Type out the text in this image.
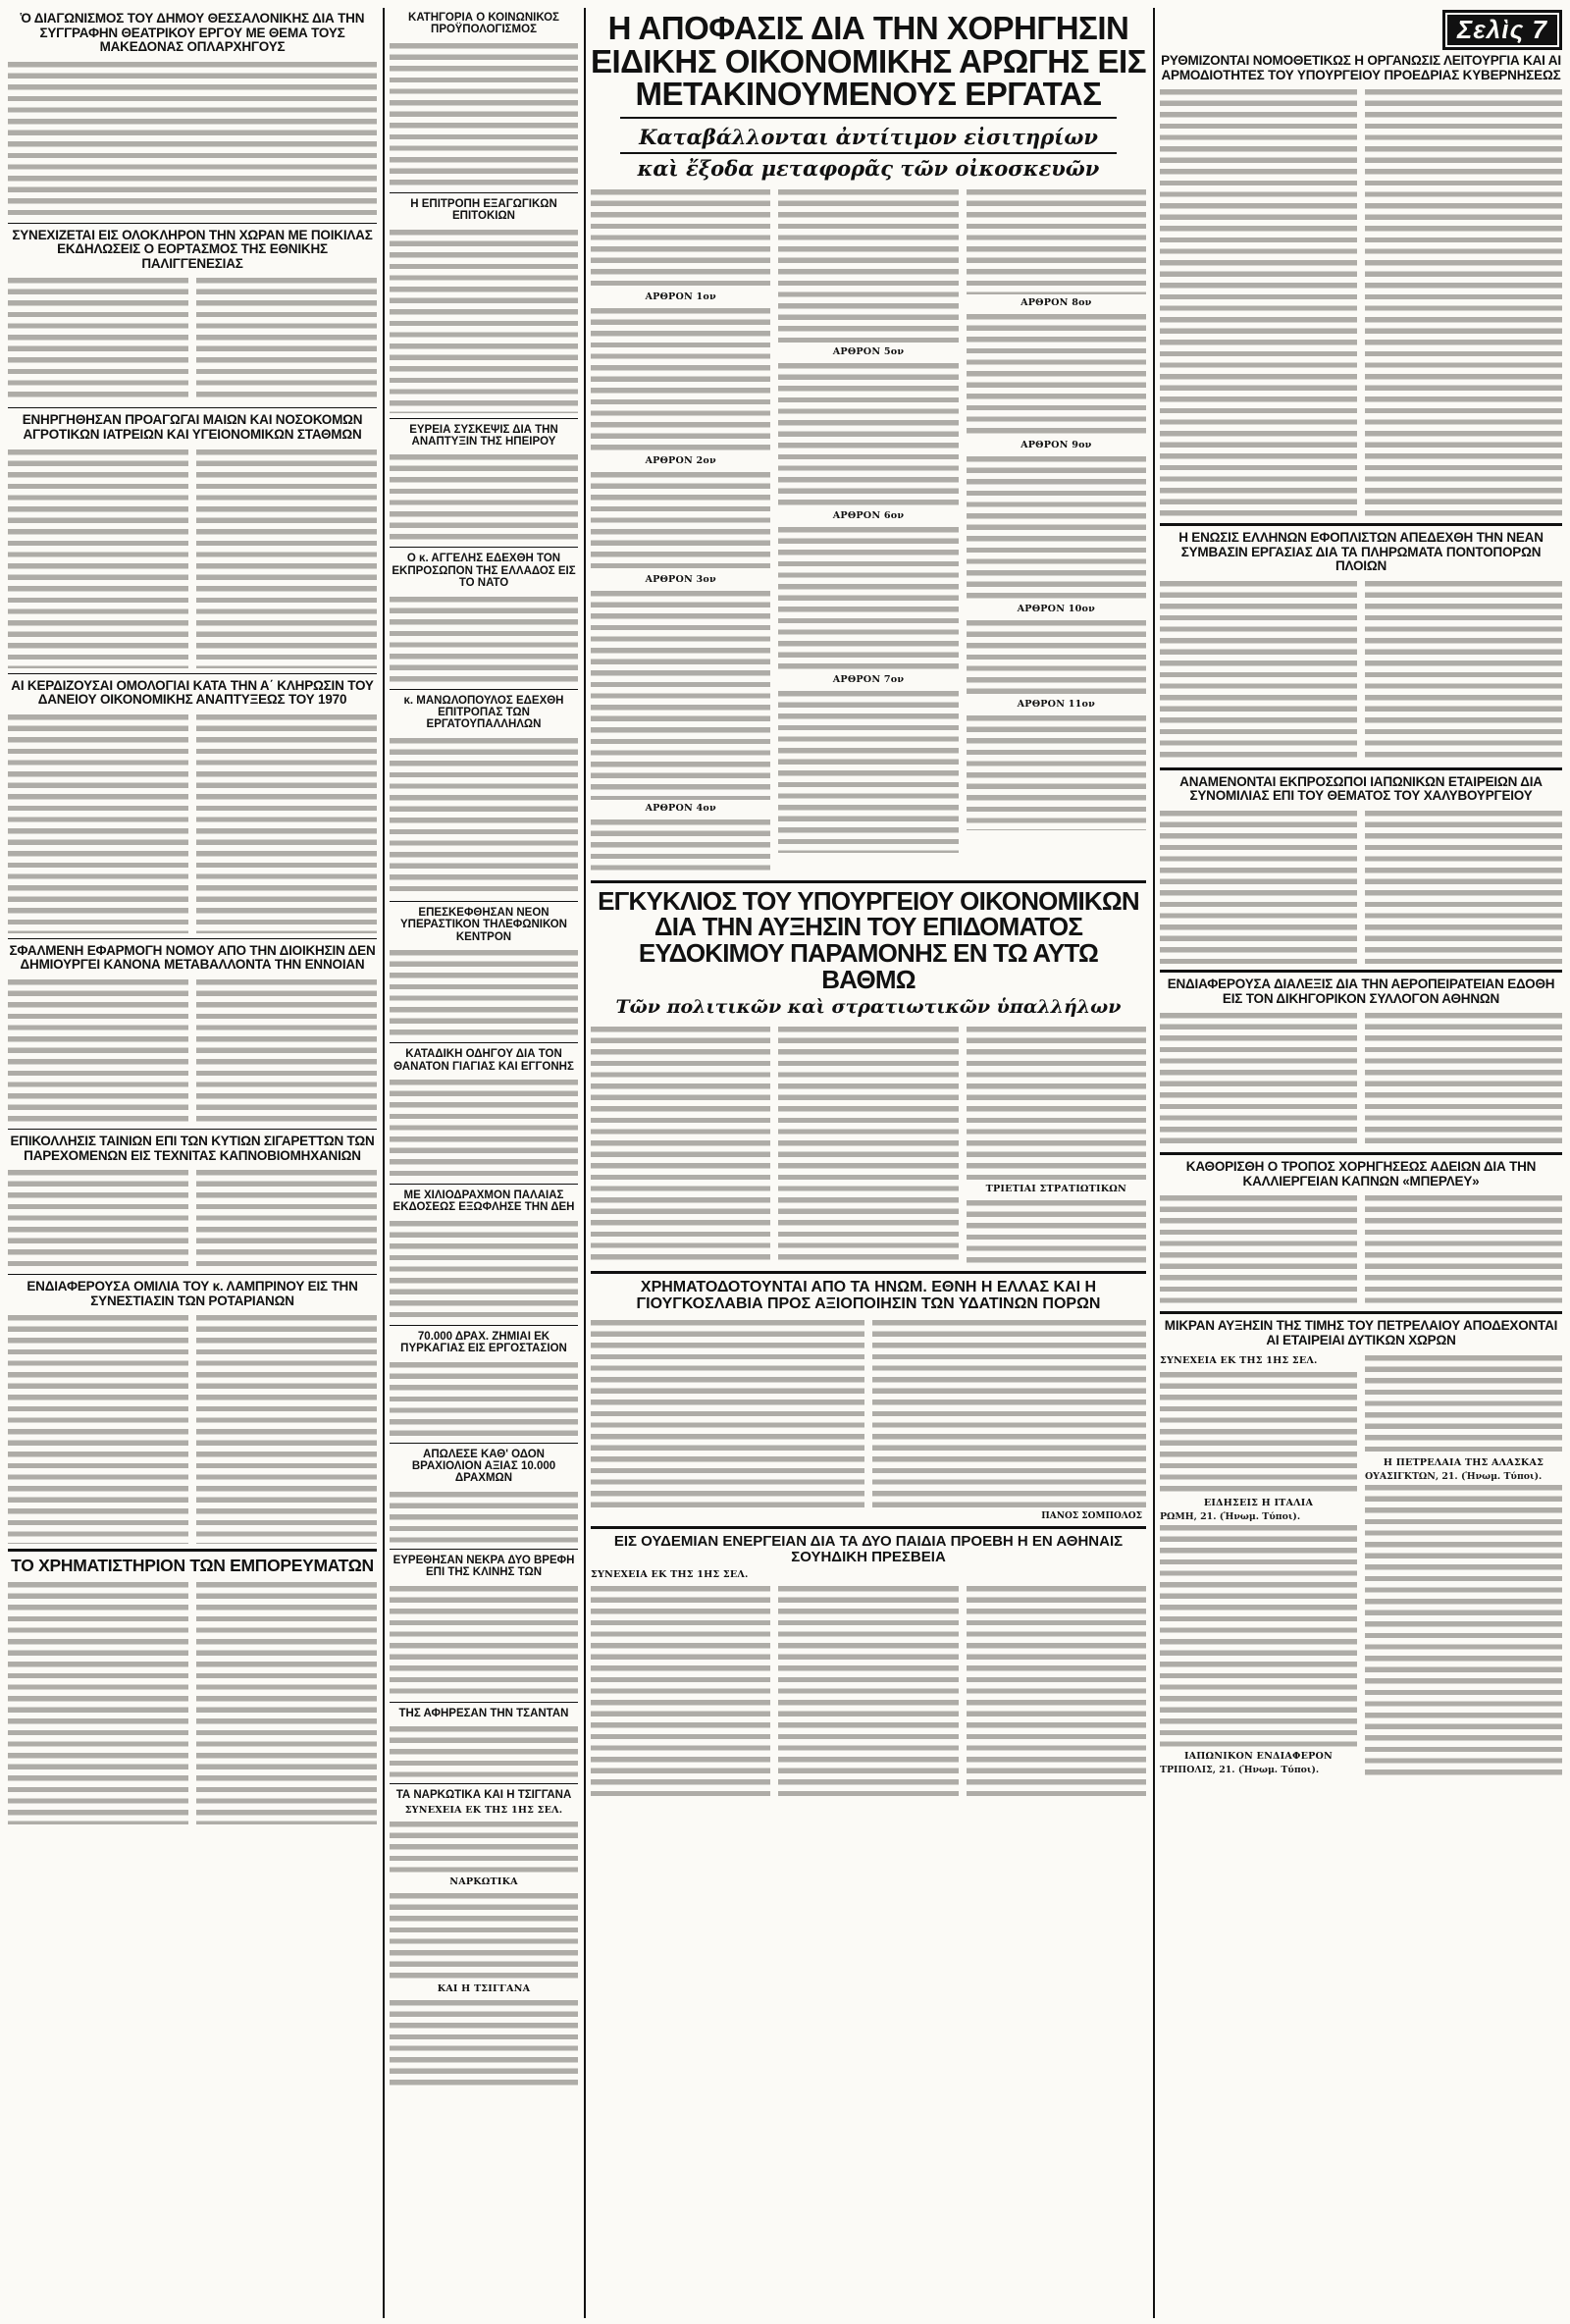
Ὁ ΔΙΑΓΩΝΙΣΜΟΣ ΤΟΥ ΔΗΜΟΥ ΘΕΣΣΑΛΟΝΙΚΗΣ ΔΙΑ ΤΗΝ ΣΥΓΓΡΑΦΗΝ ΘΕΑΤΡΙΚΟΥ ΕΡΓΟΥ ΜΕ ΘΕΜΑ ΤΟΥΣ ΜΑΚΕΔΟΝΑΣ ΟΠΛΑΡΧΗΓΟΥΣ
ΣΥΝΕΧΙΖΕΤΑΙ ΕΙΣ ΟΛΟΚΛΗΡΟΝ ΤΗΝ ΧΩΡΑΝ ΜΕ ΠΟΙΚΙΛΑΣ ΕΚΔΗΛΩΣΕΙΣ Ο ΕΟΡΤΑΣΜΟΣ ΤΗΣ ΕΘΝΙΚΗΣ ΠΑΛΙΓΓΕΝΕΣΙΑΣ
ΕΝΗΡΓΗΘΗΣΑΝ ΠΡΟΑΓΩΓΑΙ ΜΑΙΩΝ ΚΑΙ ΝΟΣΟΚΟΜΩΝ ΑΓΡΟΤΙΚΩΝ ΙΑΤΡΕΙΩΝ ΚΑΙ ΥΓΕΙΟΝΟΜΙΚΩΝ ΣΤΑΘΜΩΝ
ΑΙ ΚΕΡΔΙΖΟΥΣΑΙ ΟΜΟΛΟΓΙΑΙ ΚΑΤΑ ΤΗΝ Α΄ ΚΛΗΡΩΣΙΝ ΤΟΥ ΔΑΝΕΙΟΥ ΟΙΚΟΝΟΜΙΚΗΣ ΑΝΑΠΤΥΞΕΩΣ ΤΟΥ 1970
ΣΦΑΛΜΕΝΗ ΕΦΑΡΜΟΓΗ ΝΟΜΟΥ ΑΠΟ ΤΗΝ ΔΙΟΙΚΗΣΙΝ ΔΕΝ ΔΗΜΙΟΥΡΓΕΙ ΚΑΝΟΝΑ ΜΕΤΑΒΑΛΛΟΝΤΑ ΤΗΝ ΕΝΝΟΙΑΝ
ΕΠΙΚΟΛΛΗΣΙΣ ΤΑΙΝΙΩΝ ΕΠΙ ΤΩΝ ΚΥΤΙΩΝ ΣΙΓΑΡΕΤΤΩΝ ΤΩΝ ΠΑΡΕΧΟΜΕΝΩΝ ΕΙΣ ΤΕΧΝΙΤΑΣ ΚΑΠΝΟΒΙΟΜΗΧΑΝΙΩΝ
ΕΝΔΙΑΦΕΡΟΥΣΑ ΟΜΙΛΙΑ ΤΟΥ κ. ΛΑΜΠΡΙΝΟΥ ΕΙΣ ΤΗΝ ΣΥΝΕΣΤΙΑΣΙΝ ΤΩΝ ΡΟΤΑΡΙΑΝΩΝ
ΤΟ ΧΡΗΜΑΤΙΣΤΗΡΙΟΝ ΤΩΝ ΕΜΠΟΡΕΥΜΑΤΩΝ
ΚΑΤΗΓΟΡΙΑ Ο ΚΟΙΝΩΝΙΚΟΣ ΠΡΟΫΠΟΛΟΓΙΣΜΟΣ
Η ΕΠΙΤΡΟΠΗ ΕΞΑΓΩΓΙΚΩΝ ΕΠΙΤΟΚΙΩΝ
ΕΥΡΕΙΑ ΣΥΣΚΕΨΙΣ ΔΙΑ ΤΗΝ ΑΝΑΠΤΥΞΙΝ ΤΗΣ ΗΠΕΙΡΟΥ
Ο κ. ΑΓΓΕΛΗΣ ΕΔΕΧΘΗ ΤΟΝ ΕΚΠΡΟΣΩΠΟΝ ΤΗΣ ΕΛΛΑΔΟΣ ΕΙΣ ΤΟ ΝΑΤΟ
κ. ΜΑΝΩΛΟΠΟΥΛΟΣ ΕΔΕΧΘΗ ΕΠΙΤΡΟΠΑΣ ΤΩΝ ΕΡΓΑΤΟΥΠΑΛΛΗΛΩΝ
ΕΠΕΣΚΕΦΘΗΣΑΝ ΝΕΟΝ ΥΠΕΡΑΣΤΙΚΟΝ ΤΗΛΕΦΩΝΙΚΟΝ ΚΕΝΤΡΟΝ
ΚΑΤΑΔΙΚΗ ΟΔΗΓΟΥ ΔΙΑ ΤΟΝ ΘΑΝΑΤΟΝ ΓΙΑΓΙΑΣ ΚΑΙ ΕΓΓΟΝΗΣ
ΜΕ ΧΙΛΙΟΔΡΑΧΜΟΝ ΠΑΛΑΙΑΣ ΕΚΔΟΣΕΩΣ ΕΞΩΦΛΗΣΕ ΤΗΝ ΔΕΗ
70.000 ΔΡΑΧ. ΖΗΜΙΑΙ ΕΚ ΠΥΡΚΑΓΙΑΣ ΕΙΣ ΕΡΓΟΣΤΑΣΙΟΝ
ΑΠΩΛΕΣΕ ΚΑΘ' ΟΔΟΝ ΒΡΑΧΙΟΛΙΟΝ ΑΞΙΑΣ 10.000 ΔΡΑΧΜΩΝ
ΕΥΡΕΘΗΣΑΝ ΝΕΚΡΑ ΔΥΟ ΒΡΕΦΗ ΕΠΙ ΤΗΣ ΚΛΙΝΗΣ ΤΩΝ
ΤΗΣ ΑΦΗΡΕΣΑΝ ΤΗΝ ΤΣΑΝΤΑΝ
ΤΑ ΝΑΡΚΩΤΙΚΑ ΚΑΙ Η ΤΣΙΓΓΑΝΑ
ΣΥΝΕΧΕΙΑ ΕΚ ΤΗΣ 1ΗΣ ΣΕΛ.
ΝΑΡΚΩΤΙΚΑ
ΚΑΙ Η ΤΣΙΓΓΑΝΑ
Η ΑΠΟΦΑΣΙΣ ΔΙΑ ΤΗΝ ΧΟΡΗΓΗΣΙΝ ΕΙΔΙΚΗΣ ΟΙΚΟΝΟΜΙΚΗΣ ΑΡΩΓΗΣ ΕΙΣ ΜΕΤΑΚΙΝΟΥΜΕΝΟΥΣ ΕΡΓΑΤΑΣ
Καταβάλλονται ἀντίτιμον εἰσιτηρίων
καὶ ἔξοδα μεταφορᾶς τῶν οἰκοσκευῶν
ΑΡΘΡΟΝ 1ον
ΑΡΘΡΟΝ 2ον
ΑΡΘΡΟΝ 3ον
ΑΡΘΡΟΝ 4ον
ΑΡΘΡΟΝ 5ον
ΑΡΘΡΟΝ 6ον
ΑΡΘΡΟΝ 7ον
ΑΡΘΡΟΝ 8ον
ΑΡΘΡΟΝ 9ον
ΑΡΘΡΟΝ 10ον
ΑΡΘΡΟΝ 11ον
ΕΓΚΥΚΛΙΟΣ ΤΟΥ ΥΠΟΥΡΓΕΙΟΥ ΟΙΚΟΝΟΜΙΚΩΝ ΔΙΑ ΤΗΝ ΑΥΞΗΣΙΝ ΤΟΥ ΕΠΙΔΟΜΑΤΟΣ ΕΥΔΟΚΙΜΟΥ ΠΑΡΑΜΟΝΗΣ ΕΝ ΤΩ ΑΥΤΩ ΒΑΘΜΩ
Τῶν πολιτικῶν καὶ στρατιωτικῶν ὑπαλλήλων
ΤΡΙΕΤΙΑΙ ΣΤΡΑΤΙΩΤΙΚΩΝ
ΧΡΗΜΑΤΟΔΟΤΟΥΝΤΑΙ ΑΠΟ ΤΑ ΗΝΩΜ. ΕΘΝΗ Η ΕΛΛΑΣ ΚΑΙ Η ΓΙΟΥΓΚΟΣΛΑΒΙΑ ΠΡΟΣ ΑΞΙΟΠΟΙΗΣΙΝ ΤΩΝ ΥΔΑΤΙΝΩΝ ΠΟΡΩΝ
ΠΑΝΟΣ ΣΟΜΠΟΛΟΣ
ΕΙΣ ΟΥΔΕΜΙΑΝ ΕΝΕΡΓΕΙΑΝ ΔΙΑ ΤΑ ΔΥΟ ΠΑΙΔΙΑ ΠΡΟΕΒΗ Η ΕΝ ΑΘΗΝΑΙΣ ΣΟΥΗΔΙΚΗ ΠΡΕΣΒΕΙΑ
ΣΥΝΕΧΕΙΑ ΕΚ ΤΗΣ 1ΗΣ ΣΕΛ.
Σελὶς 7
ΡΥΘΜΙΖΟΝΤΑΙ ΝΟΜΟΘΕΤΙΚΩΣ Η ΟΡΓΑΝΩΣΙΣ ΛΕΙΤΟΥΡΓΙΑ ΚΑΙ ΑΙ ΑΡΜΟΔΙΟΤΗΤΕΣ ΤΟΥ ΥΠΟΥΡΓΕΙΟΥ ΠΡΟΕΔΡΙΑΣ ΚΥΒΕΡΝΗΣΕΩΣ
Η ΕΝΩΣΙΣ ΕΛΛΗΝΩΝ ΕΦΟΠΛΙΣΤΩΝ ΑΠΕΔΕΧΘΗ ΤΗΝ ΝΕΑΝ ΣΥΜΒΑΣΙΝ ΕΡΓΑΣΙΑΣ ΔΙΑ ΤΑ ΠΛΗΡΩΜΑΤΑ ΠΟΝΤΟΠΟΡΩΝ ΠΛΟΙΩΝ
ΑΝΑΜΕΝΟΝΤΑΙ ΕΚΠΡΟΣΩΠΟΙ ΙΑΠΩΝΙΚΩΝ ΕΤΑΙΡΕΙΩΝ ΔΙΑ ΣΥΝΟΜΙΛΙΑΣ ΕΠΙ ΤΟΥ ΘΕΜΑΤΟΣ ΤΟΥ ΧΑΛΥΒΟΥΡΓΕΙΟΥ
ΕΝΔΙΑΦΕΡΟΥΣΑ ΔΙΑΛΕΞΙΣ ΔΙΑ ΤΗΝ ΑΕΡΟΠΕΙΡΑΤΕΙΑΝ ΕΔΟΘΗ ΕΙΣ ΤΟΝ ΔΙΚΗΓΟΡΙΚΟΝ ΣΥΛΛΟΓΟΝ ΑΘΗΝΩΝ
ΚΑΘΟΡΙΣΘΗ Ο ΤΡΟΠΟΣ ΧΟΡΗΓΗΣΕΩΣ ΑΔΕΙΩΝ ΔΙΑ ΤΗΝ ΚΑΛΛΙΕΡΓΕΙΑΝ ΚΑΠΝΩΝ «ΜΠΕΡΛΕΥ»
ΜΙΚΡΑΝ ΑΥΞΗΣΙΝ ΤΗΣ ΤΙΜΗΣ ΤΟΥ ΠΕΤΡΕΛΑΙΟΥ ΑΠΟΔΕΧΟΝΤΑΙ ΑΙ ΕΤΑΙΡΕΙΑΙ ΔΥΤΙΚΩΝ ΧΩΡΩΝ
ΣΥΝΕΧΕΙΑ ΕΚ ΤΗΣ 1ΗΣ ΣΕΛ.
ΕΙΔΗΣΕΙΣ Η ΙΤΑΛΙΑ
ΡΩΜΗ, 21. (Ἡνωμ. Τύποι).
ΙΑΠΩΝΙΚΟΝ ΕΝΔΙΑΦΕΡΟΝ
ΤΡΙΠΟΛΙΣ, 21. (Ἡνωμ. Τύποι).
Η ΠΕΤΡΕΛΑΙΑ ΤΗΣ ΑΛΑΣΚΑΣ
ΟΥΑΣΙΓΚΤΩΝ, 21. (Ἡνωμ. Τύποι).
